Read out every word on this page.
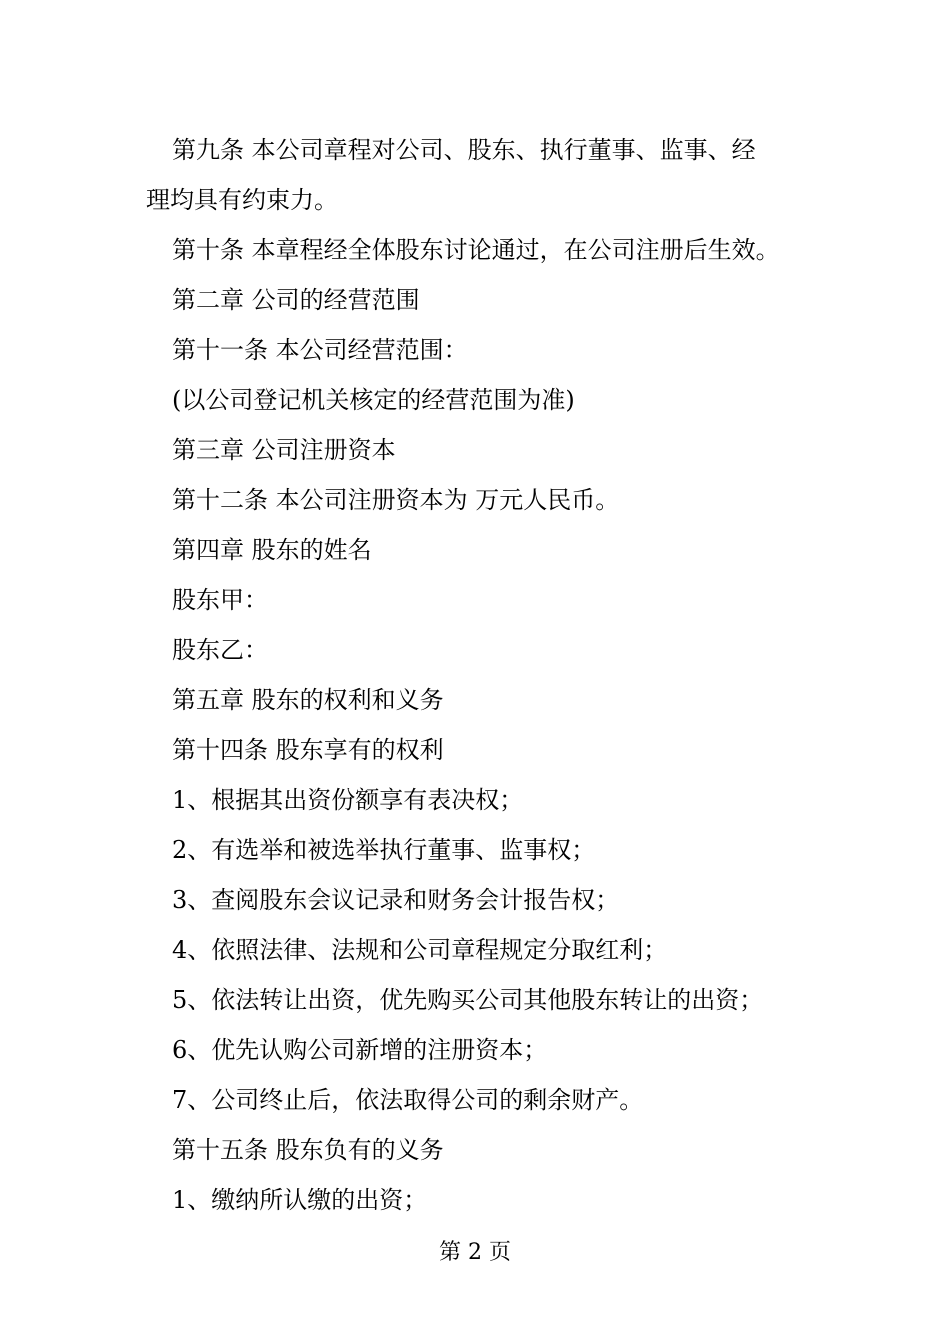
第九条 本公司章程对公司、股东、执行董事、监事、经
理均具有约束力。
第十条 本章程经全体股东讨论通过，在公司注册后生效。
第二章 公司的经营范围
第十一条 本公司经营范围：
(以公司登记机关核定的经营范围为准)
第三章 公司注册资本
第十二条 本公司注册资本为 万元人民币。
第四章 股东的姓名
股东甲：
股东乙：
第五章 股东的权利和义务
第十四条 股东享有的权利
1、根据其出资份额享有表决权；
2、有选举和被选举执行董事、监事权；
3、查阅股东会议记录和财务会计报告权；
4、依照法律、法规和公司章程规定分取红利；
5、依法转让出资，优先购买公司其他股东转让的出资；
6、优先认购公司新增的注册资本；
7、公司终止后，依法取得公司的剩余财产。
第十五条 股东负有的义务
1、缴纳所认缴的出资；
第 2 页
